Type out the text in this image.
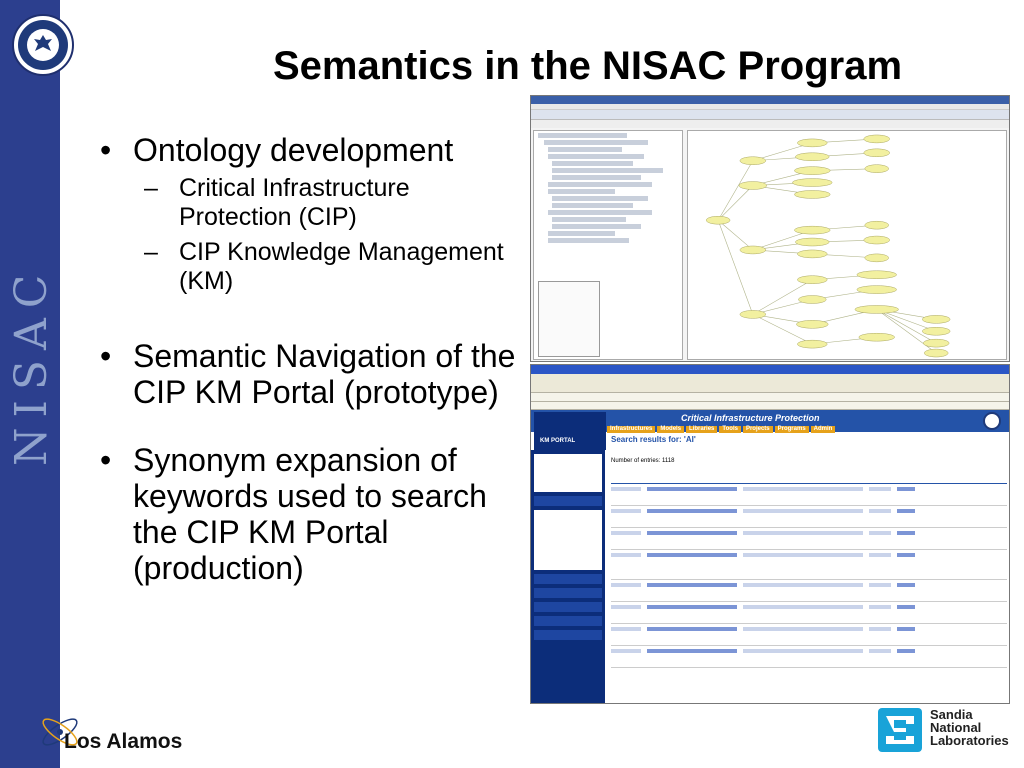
NISAC
Semantics in the NISAC Program
• Ontology development
– Critical Infrastructure Protection (CIP)
– CIP Knowledge Management (KM)
• Semantic Navigation of the CIP KM Portal (prototype)
• Synonym expansion of keywords used to search the CIP KM Portal (production)
KM PORTAL
Critical Infrastructure Protection
Infrastructures	Models	Libraries	Tools	Projects	Programs	Admin
Search results for: 'AI'
Number of entries: 1118
Los Alamos
Sandia National Laboratories
